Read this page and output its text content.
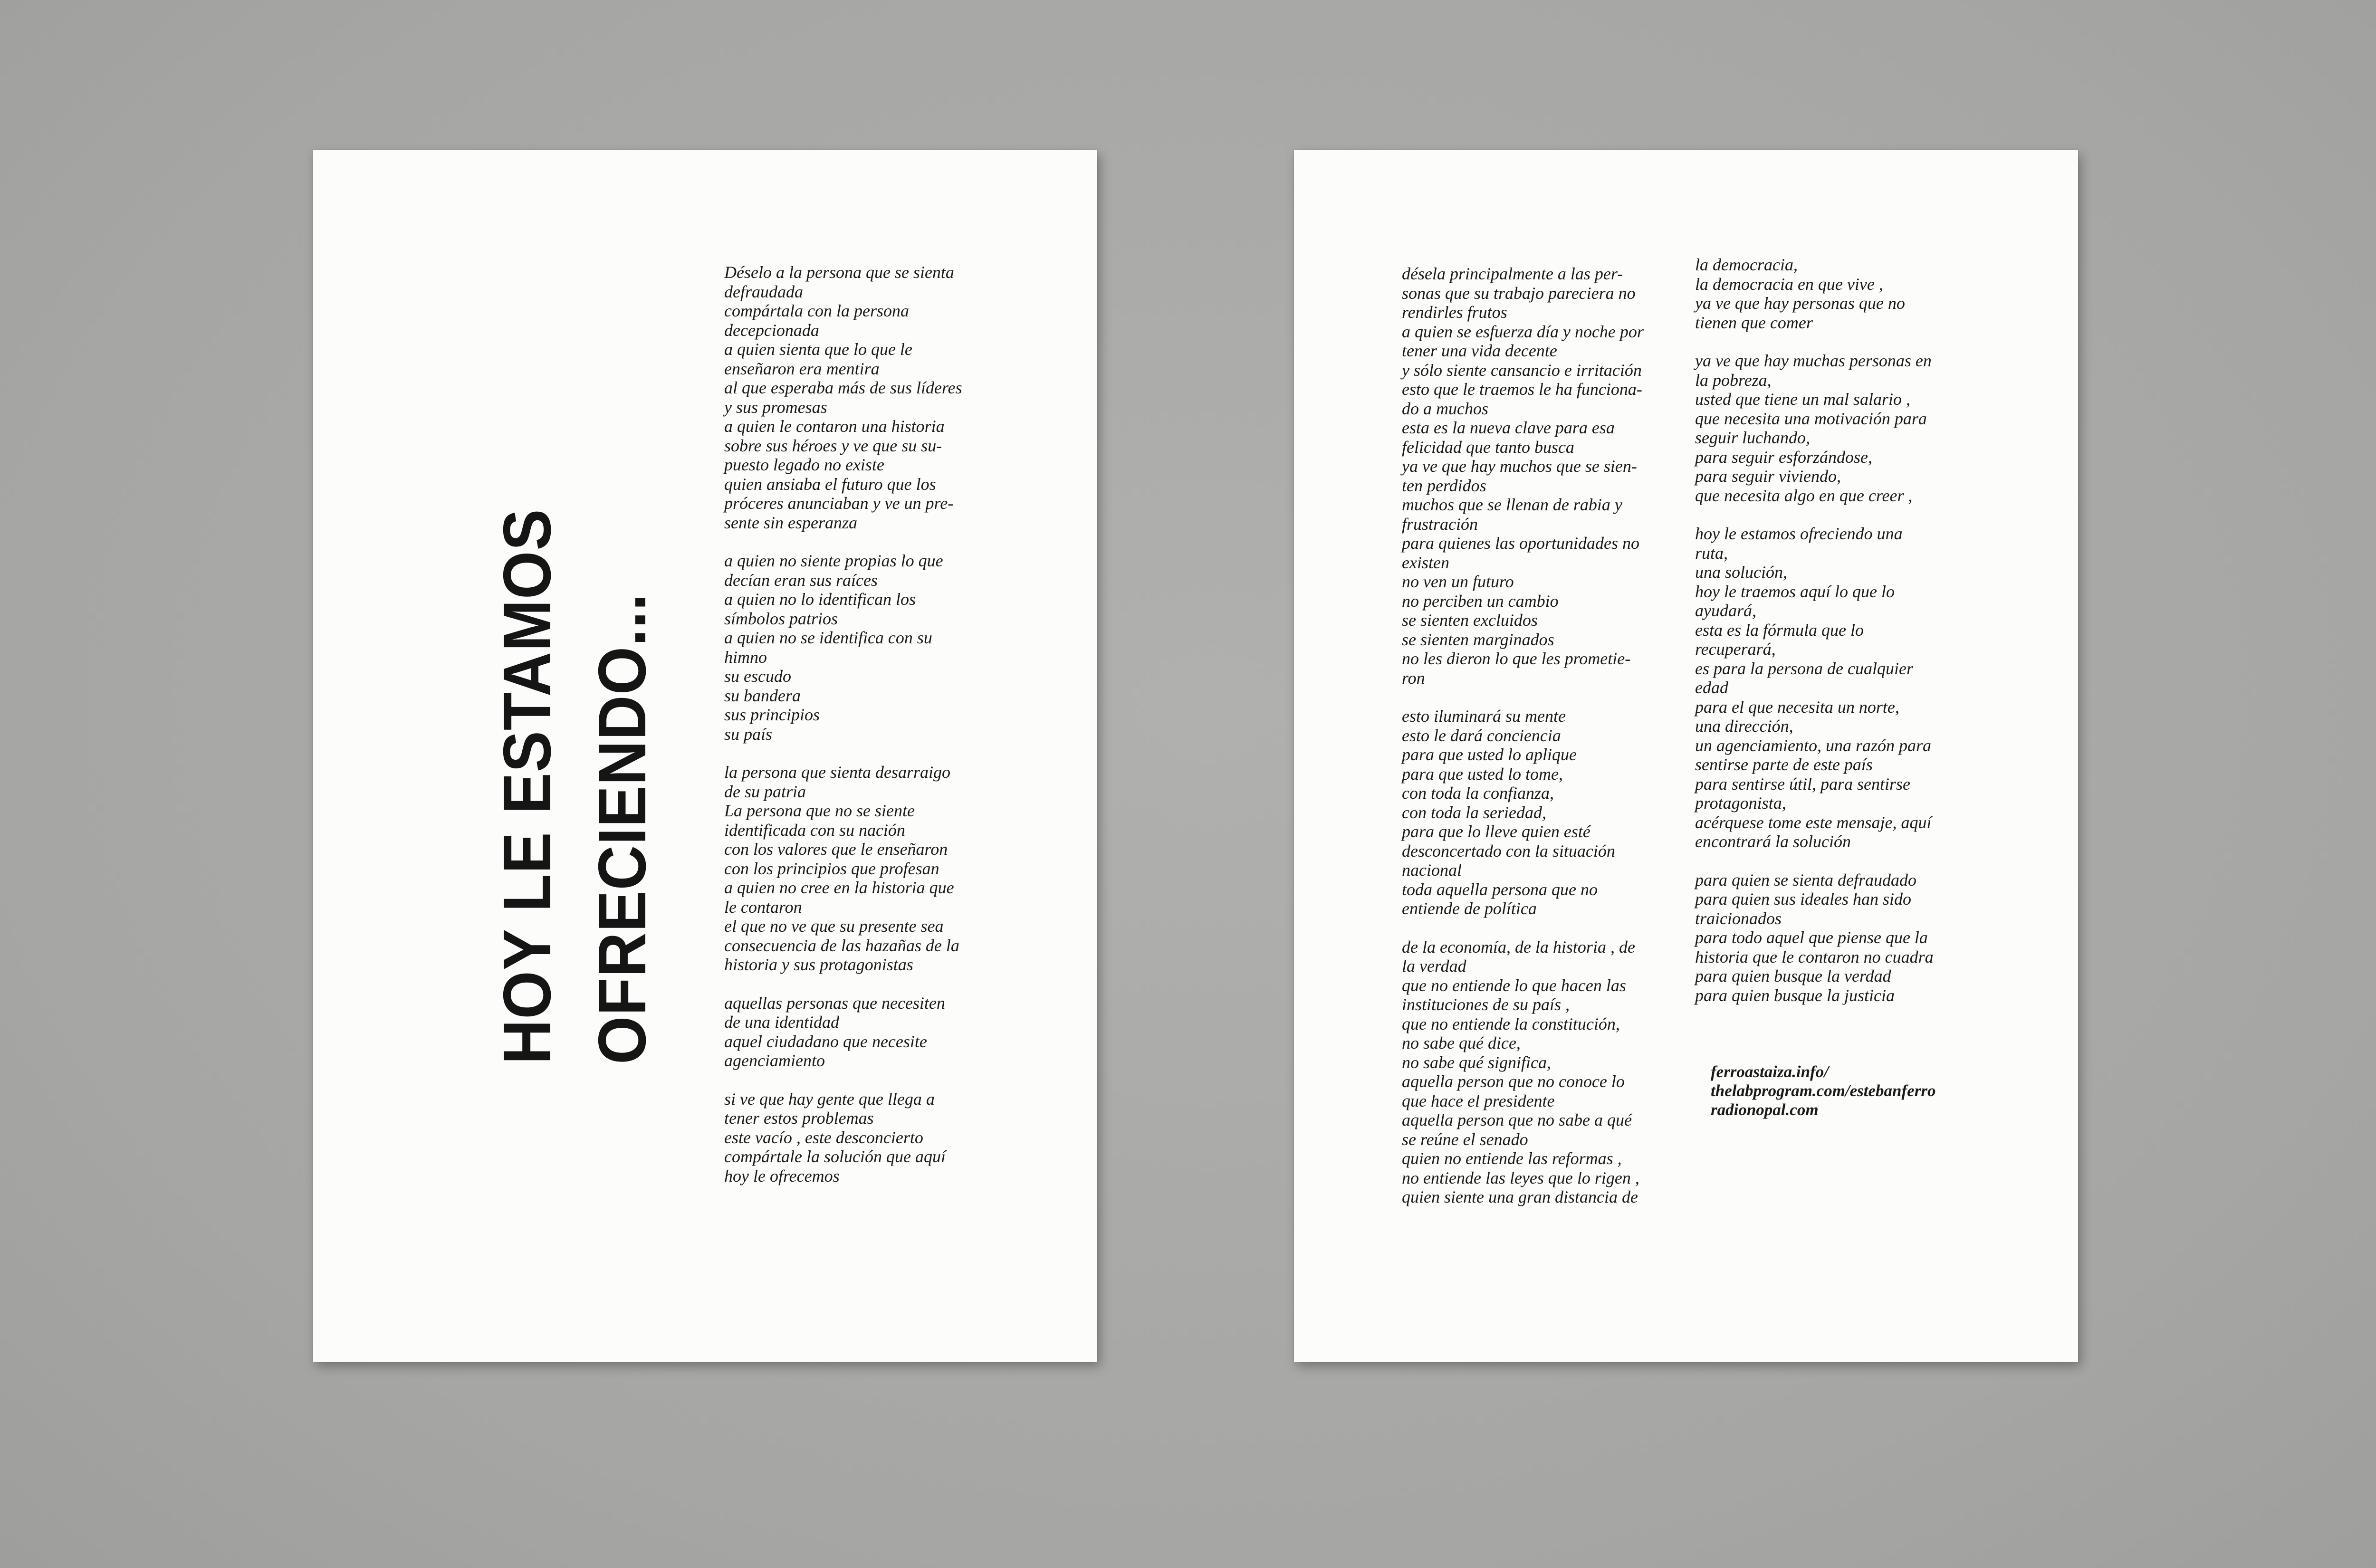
HOY LE ESTAMOS OFRECIENDO...
Déselo a la persona que se sienta
defraudada
compártala con la persona
decepcionada
a quien sienta que lo que le
enseñaron era mentira
al que esperaba más de sus líderes
y sus promesas
a quien le contaron una historia
sobre sus héroes y ve que su su-
puesto legado no existe
quien ansiaba el futuro que los
próceres anunciaban y ve un pre-
sente sin esperanza
a quien no siente propias lo que
decían eran sus raíces
a quien no lo identifican los
símbolos patrios
a quien no se identifica con su
himno
su escudo
su bandera
sus principios
su país
la persona que sienta desarraigo
de su patria
La persona que no se siente
identificada con su nación
con los valores que le enseñaron
con los principios que profesan
a quien no cree en la historia que
le contaron
el que no ve que su presente sea
consecuencia de las hazañas de la
historia y sus protagonistas
aquellas personas que necesiten
de una identidad
aquel ciudadano que necesite
agenciamiento
si ve que hay gente que llega a
tener estos problemas
este vacío , este desconcierto
compártale la solución que aquí
hoy le ofrecemos
désela principalmente a las per-
sonas que su trabajo pareciera no
rendirles frutos
a quien se esfuerza día y noche por
tener una vida decente
y sólo siente cansancio e irritación
esto que le traemos le ha funciona-
do a muchos
esta es la nueva clave para esa
felicidad que tanto busca
ya ve que hay muchos que se sien-
ten perdidos
muchos que se llenan de rabia y
frustración
para quienes las oportunidades no
existen
no ven un futuro
no perciben un cambio
se sienten excluidos
se sienten marginados
no les dieron lo que les prometie-
ron
esto iluminará su mente
esto le dará conciencia
para que usted lo aplique
para que usted lo tome,
con toda la confianza,
con toda la seriedad,
para que lo lleve quien esté
desconcertado con la situación
nacional
toda aquella persona que no
entiende de política
de la economía, de la historia , de
la verdad
que no entiende lo que hacen las
instituciones de su país ,
que no entiende la constitución,
no sabe qué dice,
no sabe qué significa,
aquella person que no conoce lo
que hace el presidente
aquella person que no sabe a qué
se reúne el senado
quien no entiende las reformas ,
no entiende las leyes que lo rigen ,
quien siente una gran distancia de
la democracia,
la democracia en que vive ,
ya ve que hay personas que no
tienen que comer
ya ve que hay muchas personas en
la pobreza,
usted que tiene un mal salario ,
que necesita una motivación para
seguir luchando,
para seguir esforzándose,
para seguir viviendo,
que necesita algo en que creer ,
hoy le estamos ofreciendo una
ruta,
una solución,
hoy le traemos aquí lo que lo
ayudará,
esta es la fórmula que lo
recuperará,
es para la persona de cualquier
edad
para el que necesita un norte,
una dirección,
un agenciamiento, una razón para
sentirse parte de este país
para sentirse útil, para sentirse
protagonista,
acérquese tome este mensaje, aquí
encontrará la solución
para quien se sienta defraudado
para quien sus ideales han sido
traicionados
para todo aquel que piense que la
historia que le contaron no cuadra
para quien busque la verdad
para quien busque la justicia
ferroastaiza.info/
thelabprogram.com/estebanferro
radionopal.com
